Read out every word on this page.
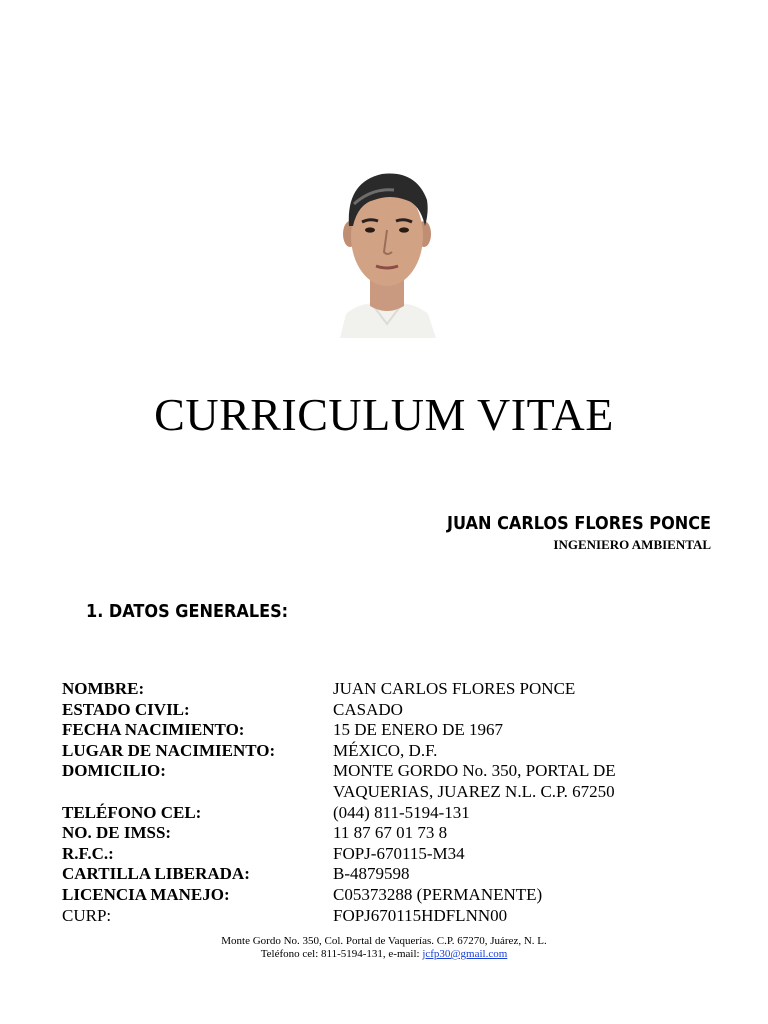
CURRICULUM VITAE
JUAN CARLOS FLORES PONCE
INGENIERO AMBIENTAL
1. DATOS GENERALES:
NOMBRE:	JUAN CARLOS FLORES PONCE
ESTADO CIVIL:	CASADO
FECHA NACIMIENTO:	15 DE ENERO DE 1967
LUGAR DE NACIMIENTO:	MÉXICO, D.F.
DOMICILIO:	MONTE GORDO No. 350, PORTAL DE VAQUERIAS, JUAREZ N.L. C.P. 67250
TELÉFONO CEL:	(044) 811-5194-131
NO. DE IMSS:	11 87 67 01 73 8
R.F.C.:	FOPJ-670115-M34
CARTILLA LIBERADA:	B-4879598
LICENCIA MANEJO:	C05373288 (PERMANENTE)
CURP:	FOPJ670115HDFLNN00
Monte Gordo No. 350, Col. Portal de Vaquerías. C.P. 67270, Juárez, N. L.
Teléfono cel: 811-5194-131, e-mail: jcfp30@gmail.com
